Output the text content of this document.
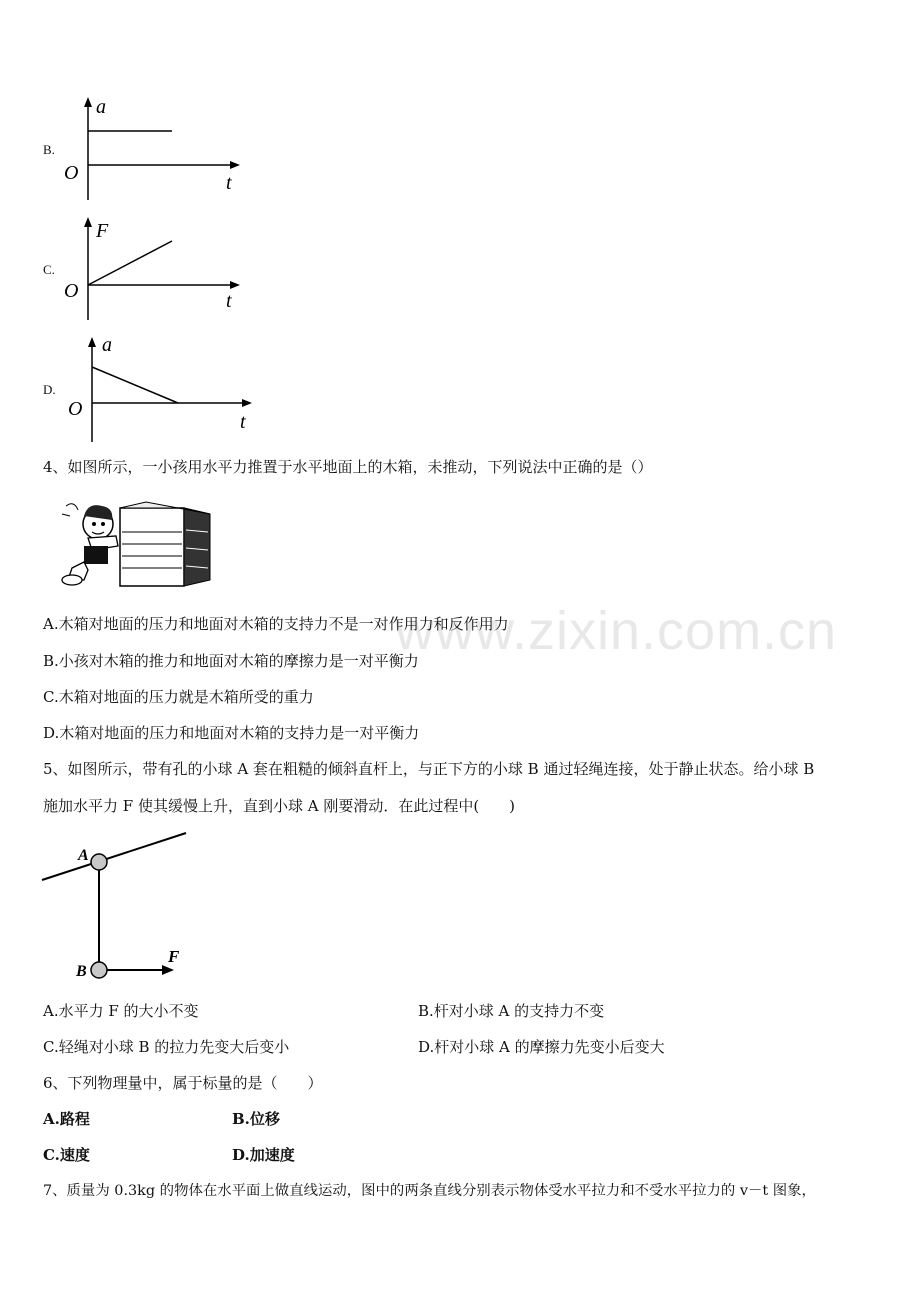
www.zixin.com.cn
B.
a
O	t
C.
F
O	t
D.
a
O
t
4、如图所示，一小孩用水平力推置于水平地面上的木箱，未推动，下列说法中正确的是（）
A.木箱对地面的压力和地面对木箱的支持力不是一对作用力和反作用力
B.小孩对木箱的推力和地面对木箱的摩擦力是一对平衡力
C.木箱对地面的压力就是木箱所受的重力
D.木箱对地面的压力和地面对木箱的支持力是一对平衡力
5、如图所示，带有孔的小球 A 套在粗糙的倾斜直杆上，与正下方的小球 B 通过轻绳连接，处于静止状态。给小球 B
施加水平力 F 使其缓慢上升，直到小球 A 刚要滑动．在此过程中(　　)
A
B
F
A.水平力 F 的大小不变	B.杆对小球 A 的支持力不变
C.轻绳对小球 B 的拉力先变大后变小	D.杆对小球 A 的摩擦力先变小后变大
6、下列物理量中，属于标量的是（　　）
A.路程	B.位移
C.速度	D.加速度
7、质量为 0.3kg 的物体在水平面上做直线运动，图中的两条直线分别表示物体受水平拉力和不受水平拉力的 v－t 图象，
